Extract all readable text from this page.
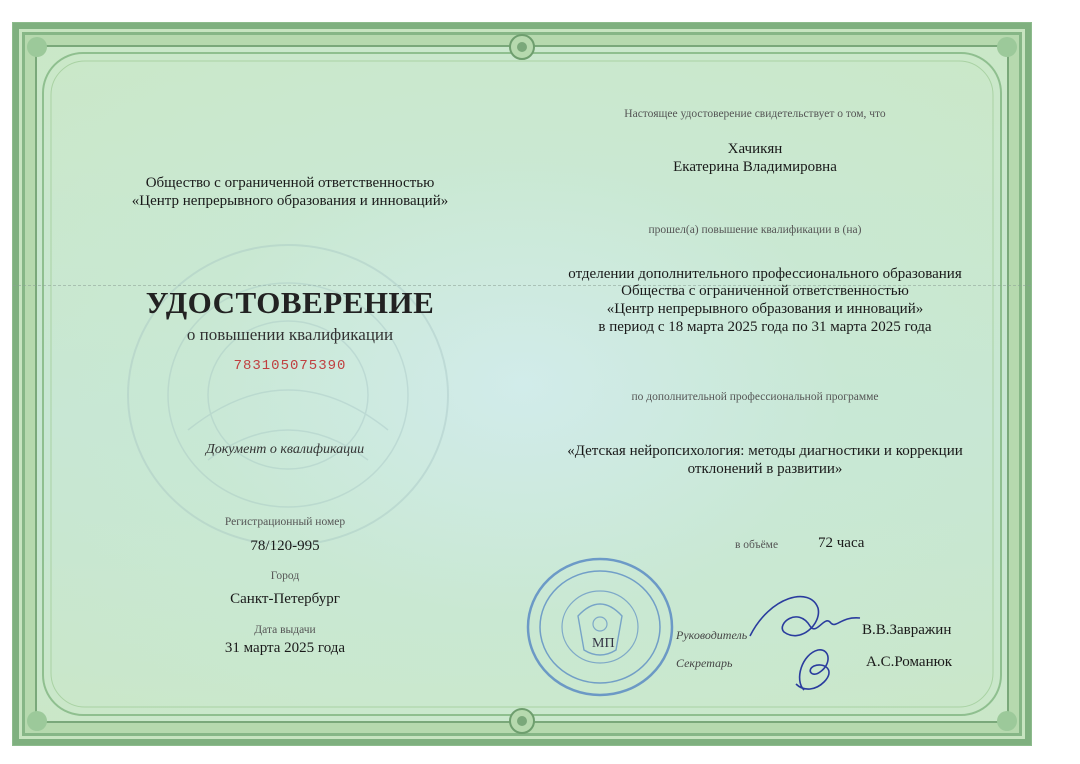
Общество с ограниченной ответственностью
«Центр непрерывного образования и инноваций»
УДОСТОВЕРЕНИЕ
о повышении квалификации
783105075390
Документ о квалификации
Регистрационный номер
78/120-995
Город
Санкт-Петербург
Дата выдачи
31 марта 2025 года
Настоящее удостоверение свидетельствует о том, что
Хачикян
Екатерина Владимировна
прошел(а) повышение квалификации в (на)
отделении дополнительного профессионального образования
Общества с ограниченной ответственностью
«Центр непрерывного образования и инноваций»
в период с 18 марта 2025 года по 31 марта 2025 года
по дополнительной профессиональной программе
«Детская нейропсихология: методы диагностики и коррекции
отклонений в развитии»
в объёме	72 часа
МП
Руководитель	В.В.Завражин
Секретарь	А.С.Романюк
